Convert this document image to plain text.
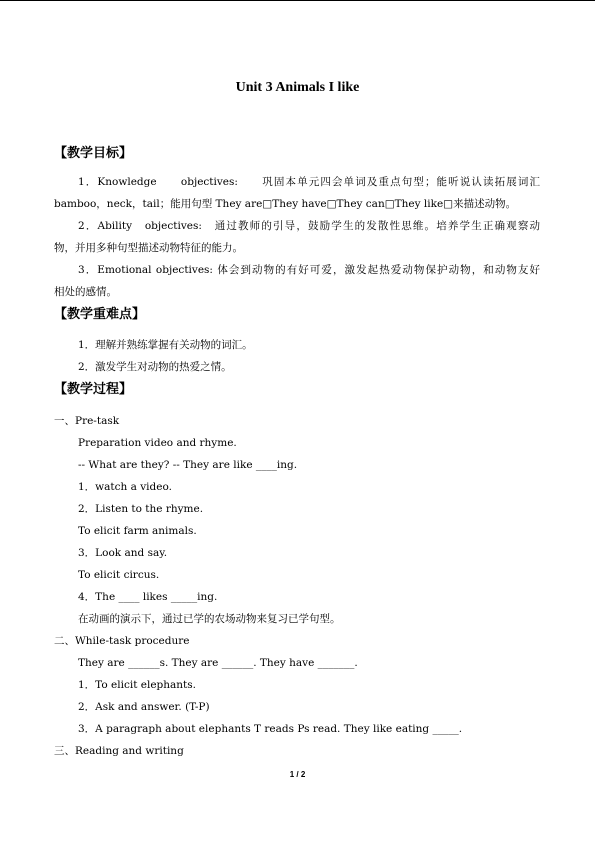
Unit 3 Animals I like
【教学目标】
1．Knowledge　　objectives:　　巩固本单元四会单词及重点句型；能听说认读拓展词汇
bamboo，neck，tail；能用句型 They are□They have□They can□They like□来描述动物。
2．Ability　objectives:　通过教师的引导，鼓励学生的发散性思维。培养学生正确观察动
物，并用多种句型描述动物特征的能力。
3．Emotional objectives: 体会到动物的有好可爱，激发起热爱动物保护动物，和动物友好
相处的感情。
【教学重难点】
1．理解并熟练掌握有关动物的词汇。
2．激发学生对动物的热爱之情。
【教学过程】
一、Pre-task
Preparation video and rhyme.
-- What are they? -- They are like ____ing.
1．watch a video.
2．Listen to the rhyme.
To elicit farm animals.
3．Look and say.
To elicit circus.
4．The ____ likes _____ing.
在动画的演示下，通过已学的农场动物来复习已学句型。
二、While-task procedure
They are ______s. They are ______. They have _______.
1．To elicit elephants.
2．Ask and answer. (T-P)
3．A paragraph about elephants T reads Ps read. They like eating _____.
三、Reading and writing
1 / 2
